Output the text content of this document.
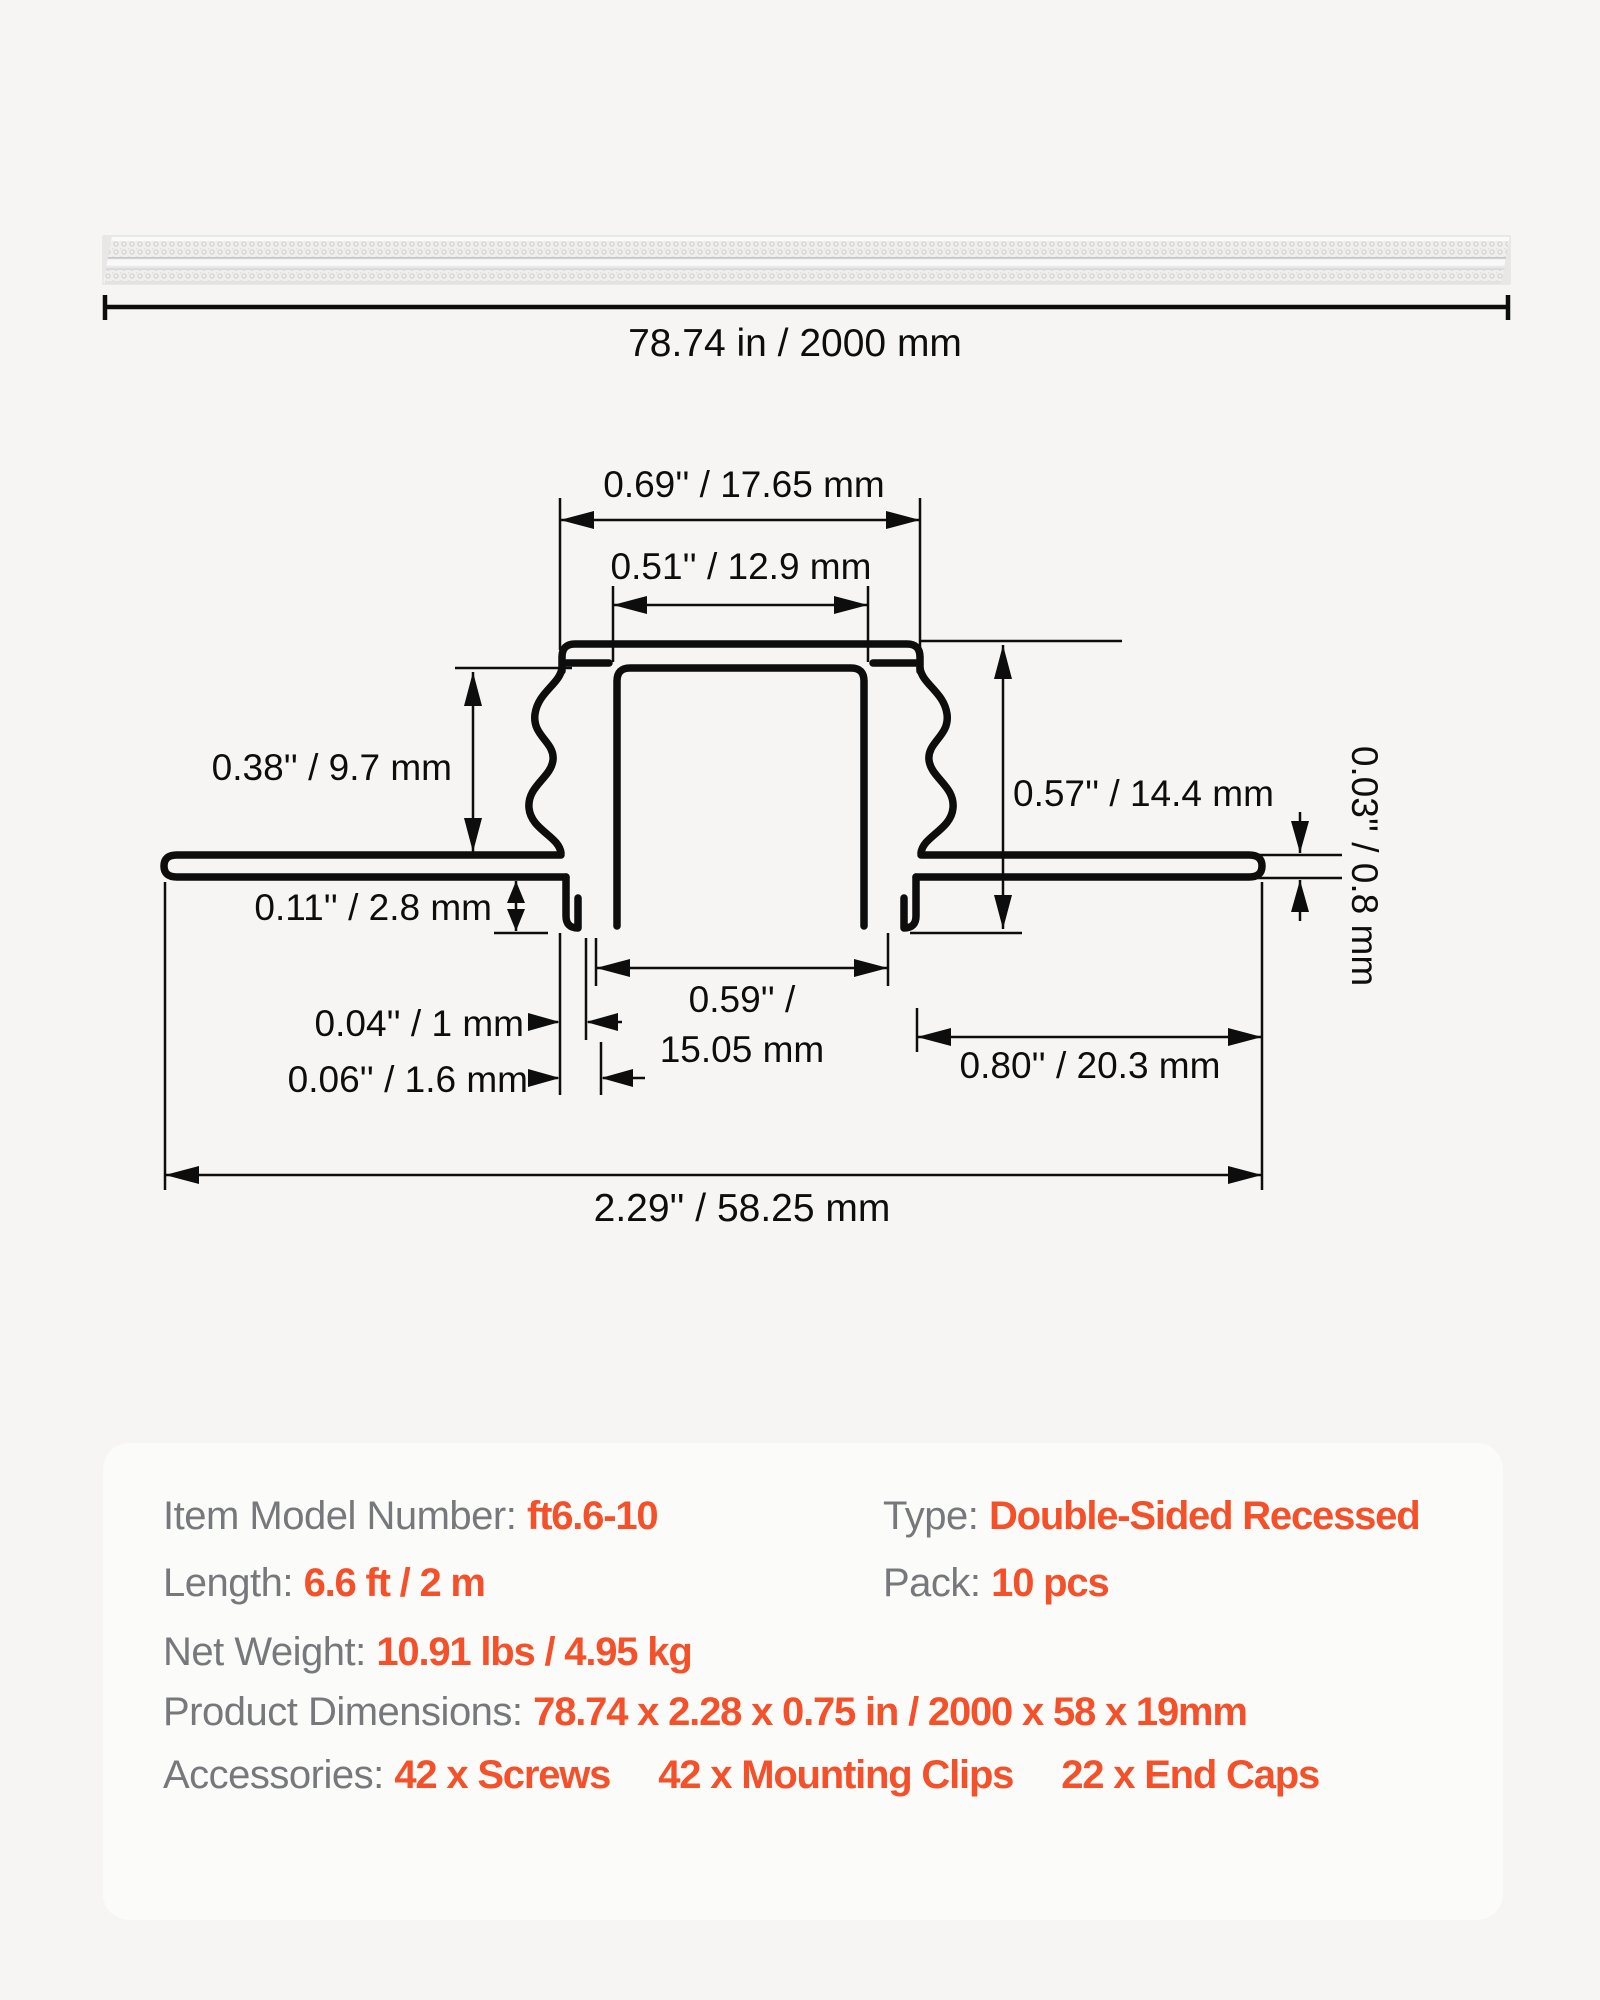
78.74 in / 2000 mm
0.69'' / 17.65 mm
0.51'' / 12.9 mm
0.38'' / 9.7 mm
0.57'' / 14.4 mm 0.03'' / 0.8 mm
0.11'' / 2.8 mm
0.04'' / 1 mm
0.06'' / 1.6 mm
0.59'' /
15.05 mm	0.80'' / 20.3 mm
2.29'' / 58.25 mm
Item Model Number: ft6.6-10
Length: 6.6 ft / 2 m
Net Weight: 10.91 lbs / 4.95 kg
Type: Double-Sided Recessed
Pack: 10 pcs
Product Dimensions: 78.74 x 2.28 x 0.75 in / 2000 x 58 x 19mm
Accessories: 42 x Screws 42 x Mounting Clips 22 x End Caps
